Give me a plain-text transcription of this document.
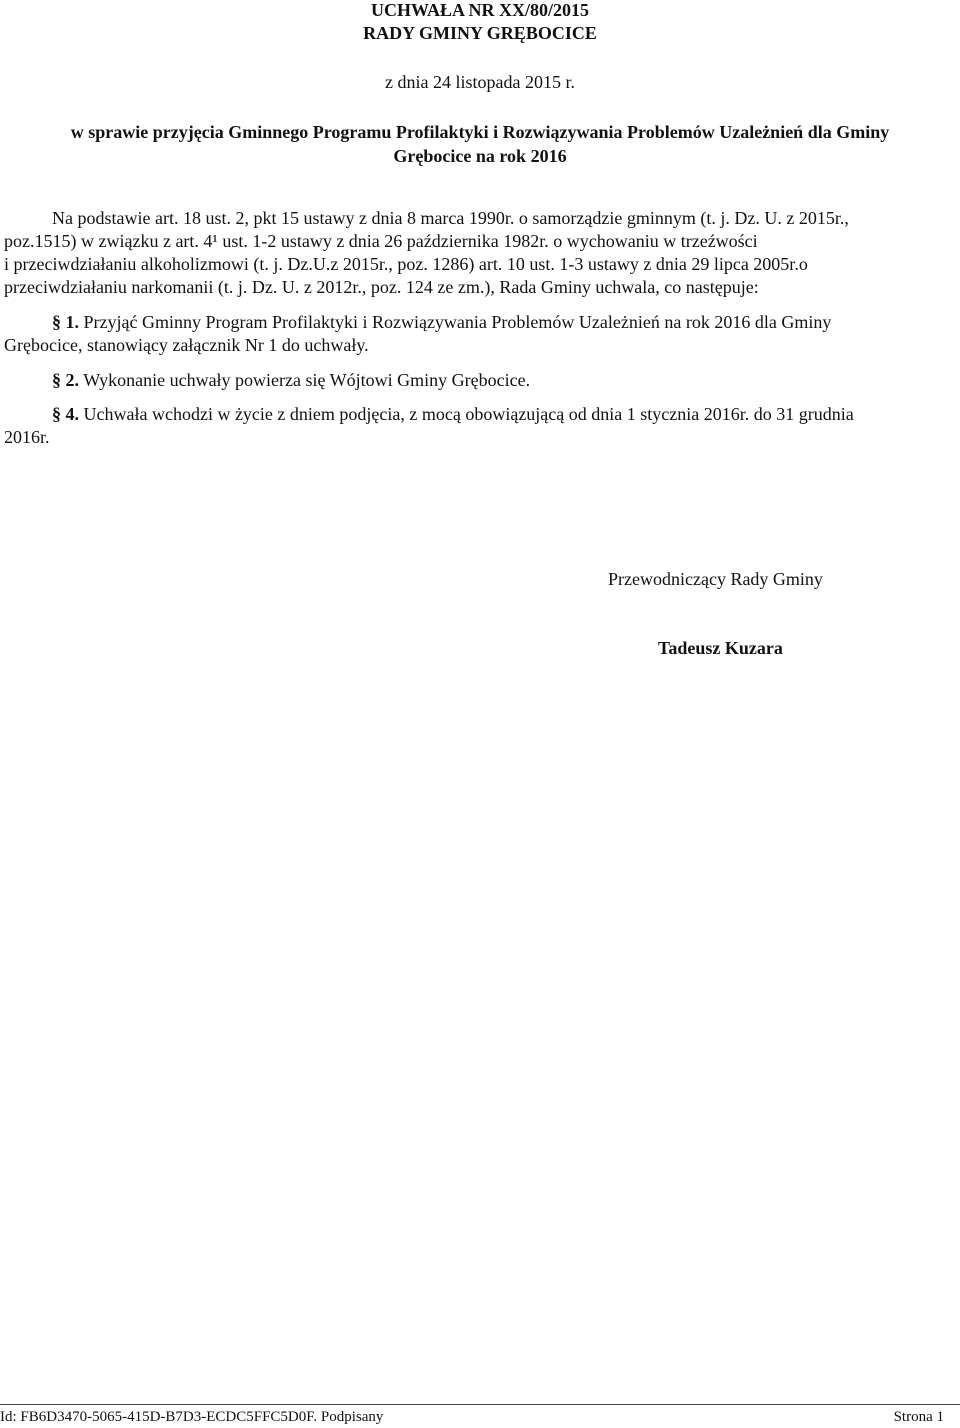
UCHWAŁA NR XX/80/2015
RADY GMINY GRĘBOCICE
z dnia 24 listopada 2015 r.
w sprawie przyjęcia Gminnego Programu Profilaktyki i Rozwiązywania Problemów Uzależnień dla Gminy
Grębocice na rok 2016
Na podstawie art. 18 ust. 2, pkt 15 ustawy z dnia 8 marca 1990r. o samorządzie gminnym (t. j. Dz. U. z 2015r.,
poz.1515) w związku z art. 4¹ ust. 1-2 ustawy z dnia 26 października 1982r. o wychowaniu w trzeźwości
i przeciwdziałaniu alkoholizmowi (t. j. Dz.U.z 2015r., poz. 1286) art. 10 ust. 1-3 ustawy z dnia 29 lipca 2005r.o
przeciwdziałaniu narkomanii (t. j. Dz. U. z 2012r., poz. 124 ze zm.), Rada Gminy uchwala, co następuje:
§ 1. Przyjąć Gminny Program Profilaktyki i Rozwiązywania Problemów Uzależnień na rok 2016 dla Gminy
Grębocice, stanowiący załącznik Nr 1 do uchwały.
§ 2. Wykonanie uchwały powierza się Wójtowi Gminy Grębocice.
§ 4. Uchwała wchodzi w życie z dniem podjęcia, z mocą obowiązującą od dnia 1 stycznia 2016r. do 31 grudnia
2016r.
Przewodniczący Rady Gminy
Tadeusz Kuzara
Id: FB6D3470-5065-415D-B7D3-ECDC5FFC5D0F. Podpisany	Strona 1
